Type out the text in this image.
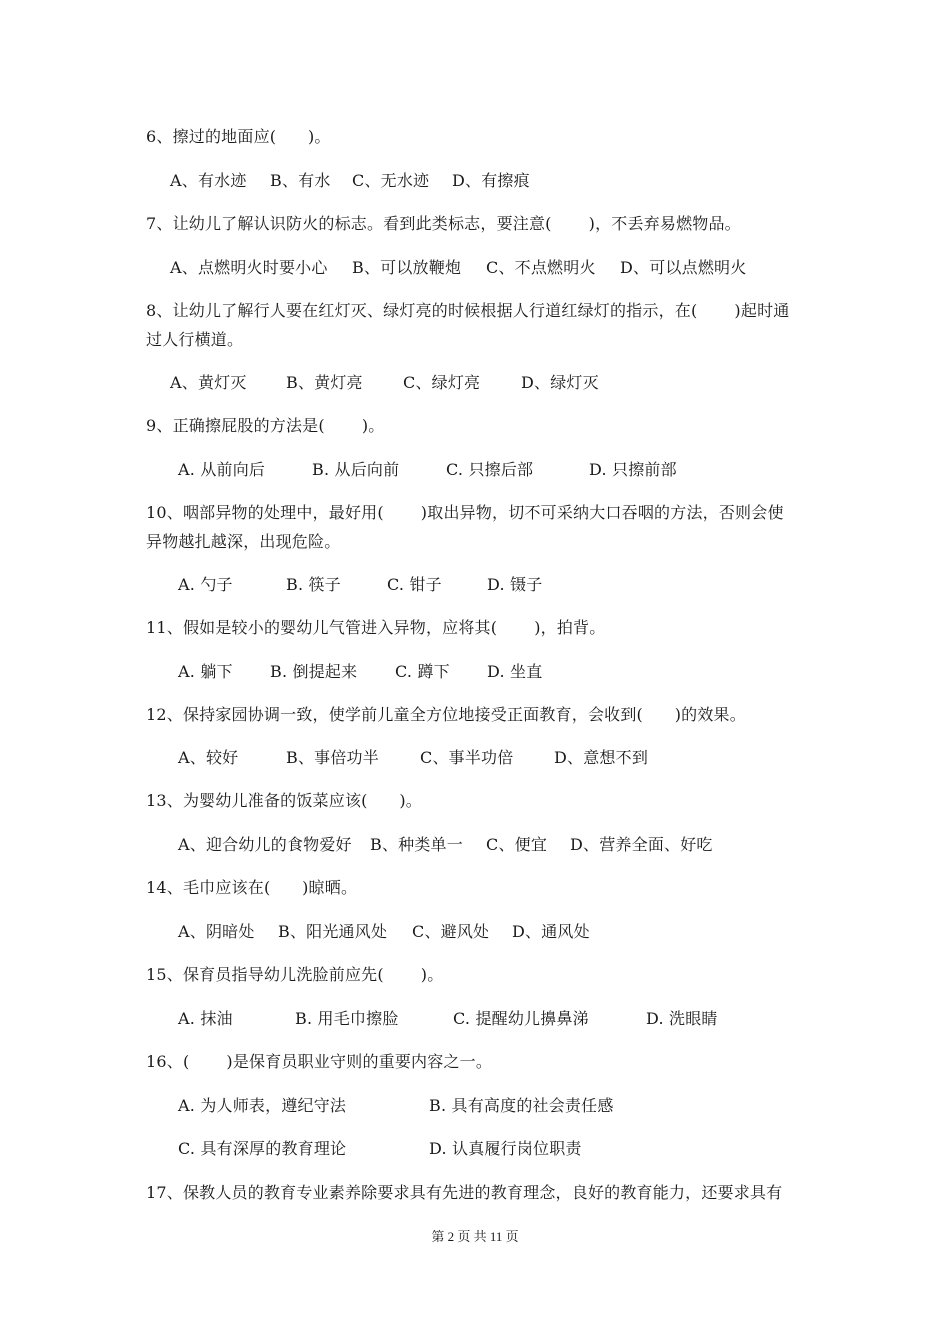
6、擦过的地面应(      )。
A、有水迹 B、有水 C、无水迹 D、有擦痕
7、让幼儿了解认识防火的标志。看到此类标志，要注意(       )，不丢弃易燃物品。
A、点燃明火时要小心 B、可以放鞭炮 C、不点燃明火 D、可以点燃明火
8、让幼儿了解行人要在红灯灭、绿灯亮的时候根据人行道红绿灯的指示，在(       )起时通
过人行横道。
A、黄灯灭 B、黄灯亮	C、绿灯亮	D、绿灯灭
9、正确擦屁股的方法是(       )。
A. 从前向后	B. 从后向前	C. 只擦后部	D. 只擦前部
10、咽部异物的处理中，最好用(       )取出异物，切不可采纳大口吞咽的方法，否则会使
异物越扎越深，出现危险。
A. 勺子	B. 筷子	C. 钳子	D. 镊子
11、假如是较小的婴幼儿气管进入异物，应将其(       )，拍背。
A. 躺下 B. 倒提起来 C. 蹲下 D. 坐直
12、保持家园协调一致，使学前儿童全方位地接受正面教育，会收到(      )的效果。
A、较好	B、事倍功半	C、事半功倍	D、意想不到
13、为婴幼儿准备的饭菜应该(      )。
A、迎合幼儿的食物爱好 B、种类单一 C、便宜 D、营养全面、好吃
14、毛巾应该在(      )晾晒。
A、阴暗处 B、阳光通风处 C、避风处 D、通风处
15、保育员指导幼儿洗脸前应先(       )。
A. 抹油	B. 用毛巾擦脸	C. 提醒幼儿擤鼻涕	D. 洗眼睛
16、(       )是保育员职业守则的重要内容之一。
A. 为人师表，遵纪守法	B. 具有高度的社会责任感
C. 具有深厚的教育理论	D. 认真履行岗位职责
17、保教人员的教育专业素养除要求具有先进的教育理念，良好的教育能力，还要求具有
第 2 页 共 11 页
